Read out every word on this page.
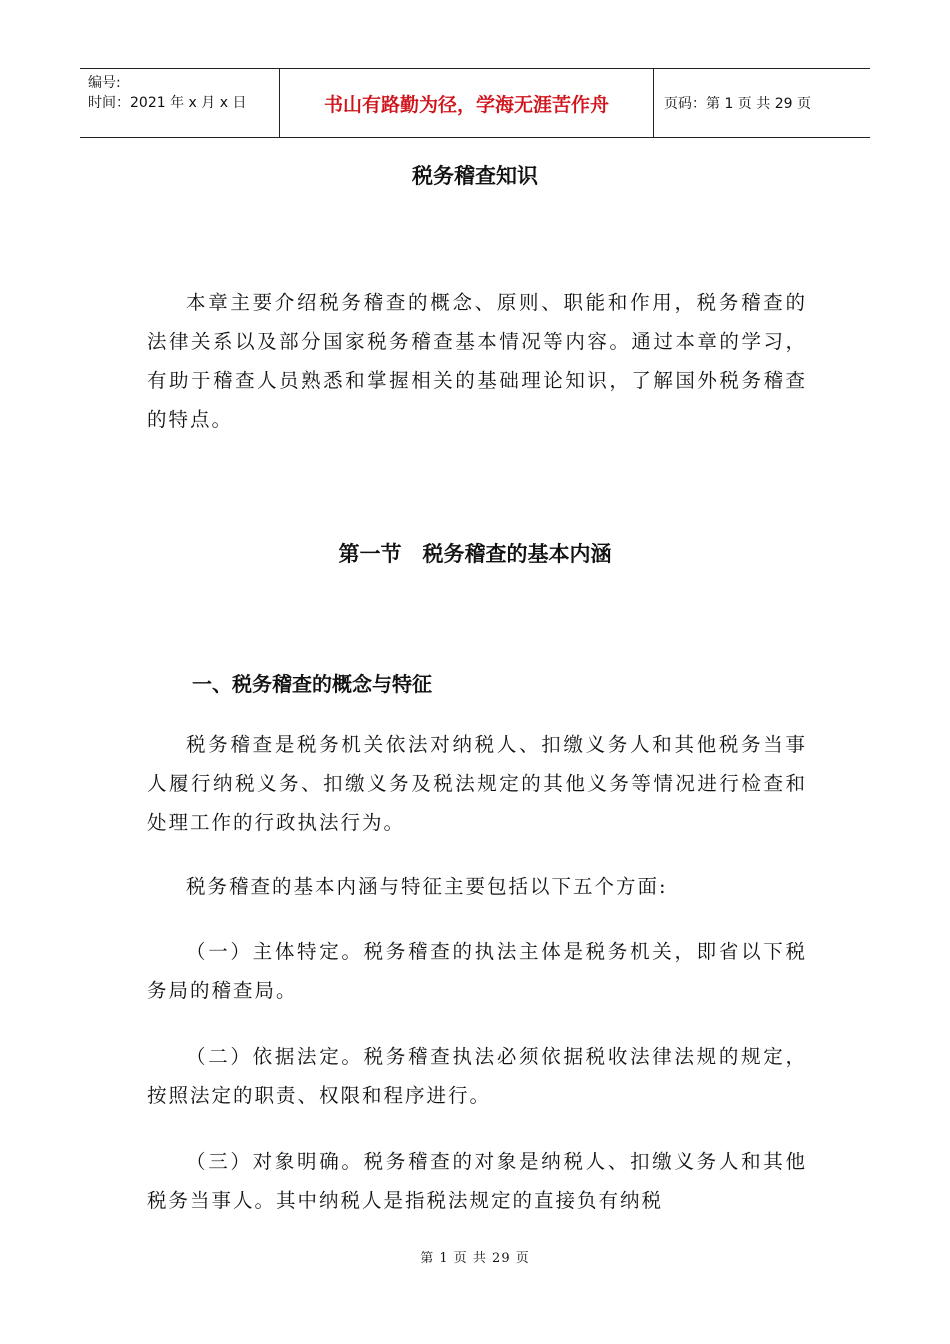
编号:
时间：2021 年 x 月 x 日	书山有路勤为径，学海无涯苦作舟	页码：第 1 页 共 29 页
税务稽查知识

本章主要介绍税务稽查的概念、原则、职能和作用，税务稽查的法律关系以及部分国家税务稽查基本情况等内容。通过本章的学习，有助于稽查人员熟悉和掌握相关的基础理论知识，了解国外税务稽查的特点。

第一节　税务稽查的基本内涵
一、税务稽查的概念与特征

税务稽查是税务机关依法对纳税人、扣缴义务人和其他税务当事人履行纳税义务、扣缴义务及税法规定的其他义务等情况进行检查和处理工作的行政执法行为。

税务稽查的基本内涵与特征主要包括以下五个方面:

（一）主体特定。税务稽查的执法主体是税务机关，即省以下税务局的稽查局。

（二）依据法定。税务稽查执法必须依据税收法律法规的规定，按照法定的职责、权限和程序进行。

（三）对象明确。税务稽查的对象是纳税人、扣缴义务人和其他税务当事人。其中纳税人是指税法规定的直接负有纳税

第 1 页 共 29 页
